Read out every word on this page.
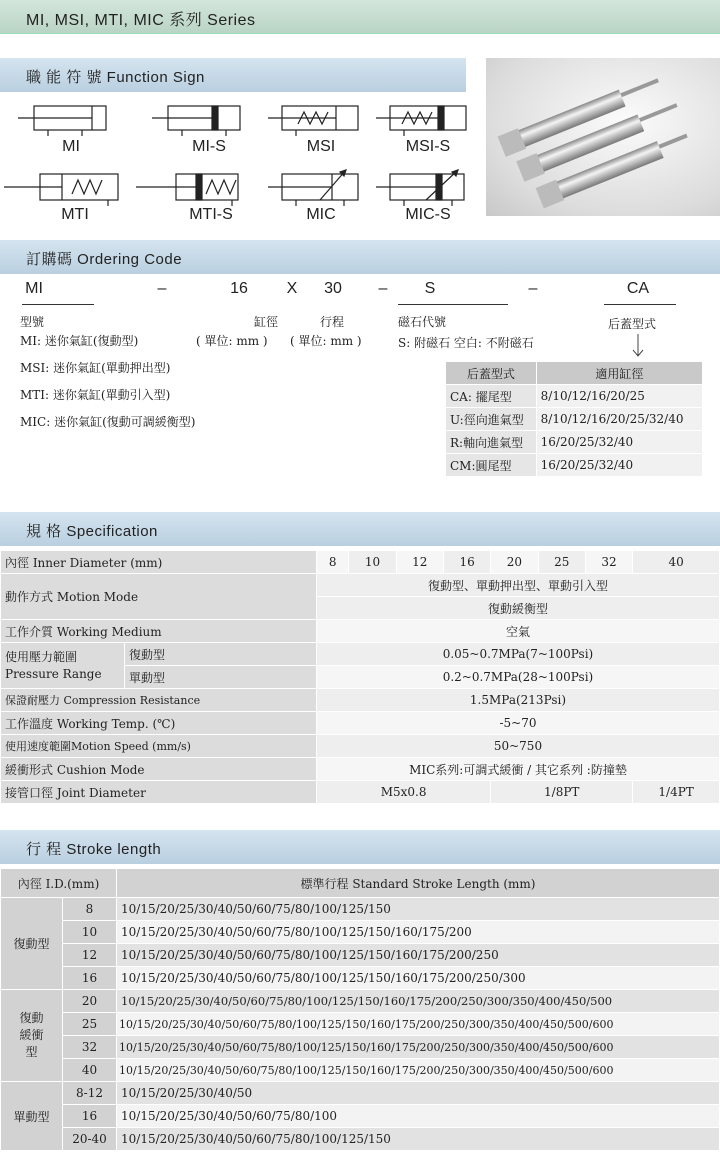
MI, MSI, MTI, MIC 系列 Series
職 能 符 號 Function Sign
MI	MI-S	MSI	MSI-S
MTI	MTI-S	MIC	MIC-S
訂購碼 Ordering Code
MI	–	16	X	30	– S	–	CA
型號
MI: 迷你氣缸(復動型)
MSI: 迷你氣缸(單動押出型)
MTI: 迷你氣缸(單動引入型)
MIC: 迷你氣缸(復動可調緩衡型)
缸徑
( 單位: mm )
行程
( 單位: mm )
磁石代號
S: 附磁石 空白: 不附磁石
后蓋型式
后蓋型式	適用缸徑
CA: 擺尾型	8/10/12/16/20/25
U:徑向進氣型	8/10/12/16/20/25/32/40
R:軸向進氣型	16/20/25/32/40
CM:圓尾型	16/20/25/32/40
規 格 Specification
內徑 Inner Diameter (mm)		8	10	12	16	20	25	32	40
動作方式 Motion Mode		復動型、單動押出型、單動引入型							
		復動緩衡型							
工作介質 Working Medium		空氣							
使用壓力範圍
Pressure Range	復動型	0.05~0.7MPa(7~100Psi)							
	單動型	0.2~0.7MPa(28~100Psi)							
保證耐壓力 Compression Resistance		1.5MPa(213Psi)							
工作溫度 Working Temp. (℃)		-5~70							
使用速度範圍Motion Speed (mm/s)		50~750							
緩衝形式 Cushion Mode		MIC系列:可調式緩衝 / 其它系列 :防撞墊							
接管口徑 Joint Diameter		M5x0.8				1/8PT			1/4PT
行 程 Stroke length
內徑 I.D.(mm)		標準行程 Standard Stroke Length (mm)
復動型	8	10/15/20/25/30/40/50/60/75/80/100/125/150
	10	10/15/20/25/30/40/50/60/75/80/100/125/150/160/175/200
	12	10/15/20/25/30/40/50/60/75/80/100/125/150/160/175/200/250
	16	10/15/20/25/30/40/50/60/75/80/100/125/150/160/175/200/250/300
復動
緩衝
型	20	10/15/20/25/30/40/50/60/75/80/100/125/150/160/175/200/250/300/350/400/450/500
	25	10/15/20/25/30/40/50/60/75/80/100/125/150/160/175/200/250/300/350/400/450/500/600
	32	10/15/20/25/30/40/50/60/75/80/100/125/150/160/175/200/250/300/350/400/450/500/600
	40	10/15/20/25/30/40/50/60/75/80/100/125/150/160/175/200/250/300/350/400/450/500/600
單動型	8-12	10/15/20/25/30/40/50
	16	10/15/20/25/30/40/50/60/75/80/100
	20-40	10/15/20/25/30/40/50/60/75/80/100/125/150
